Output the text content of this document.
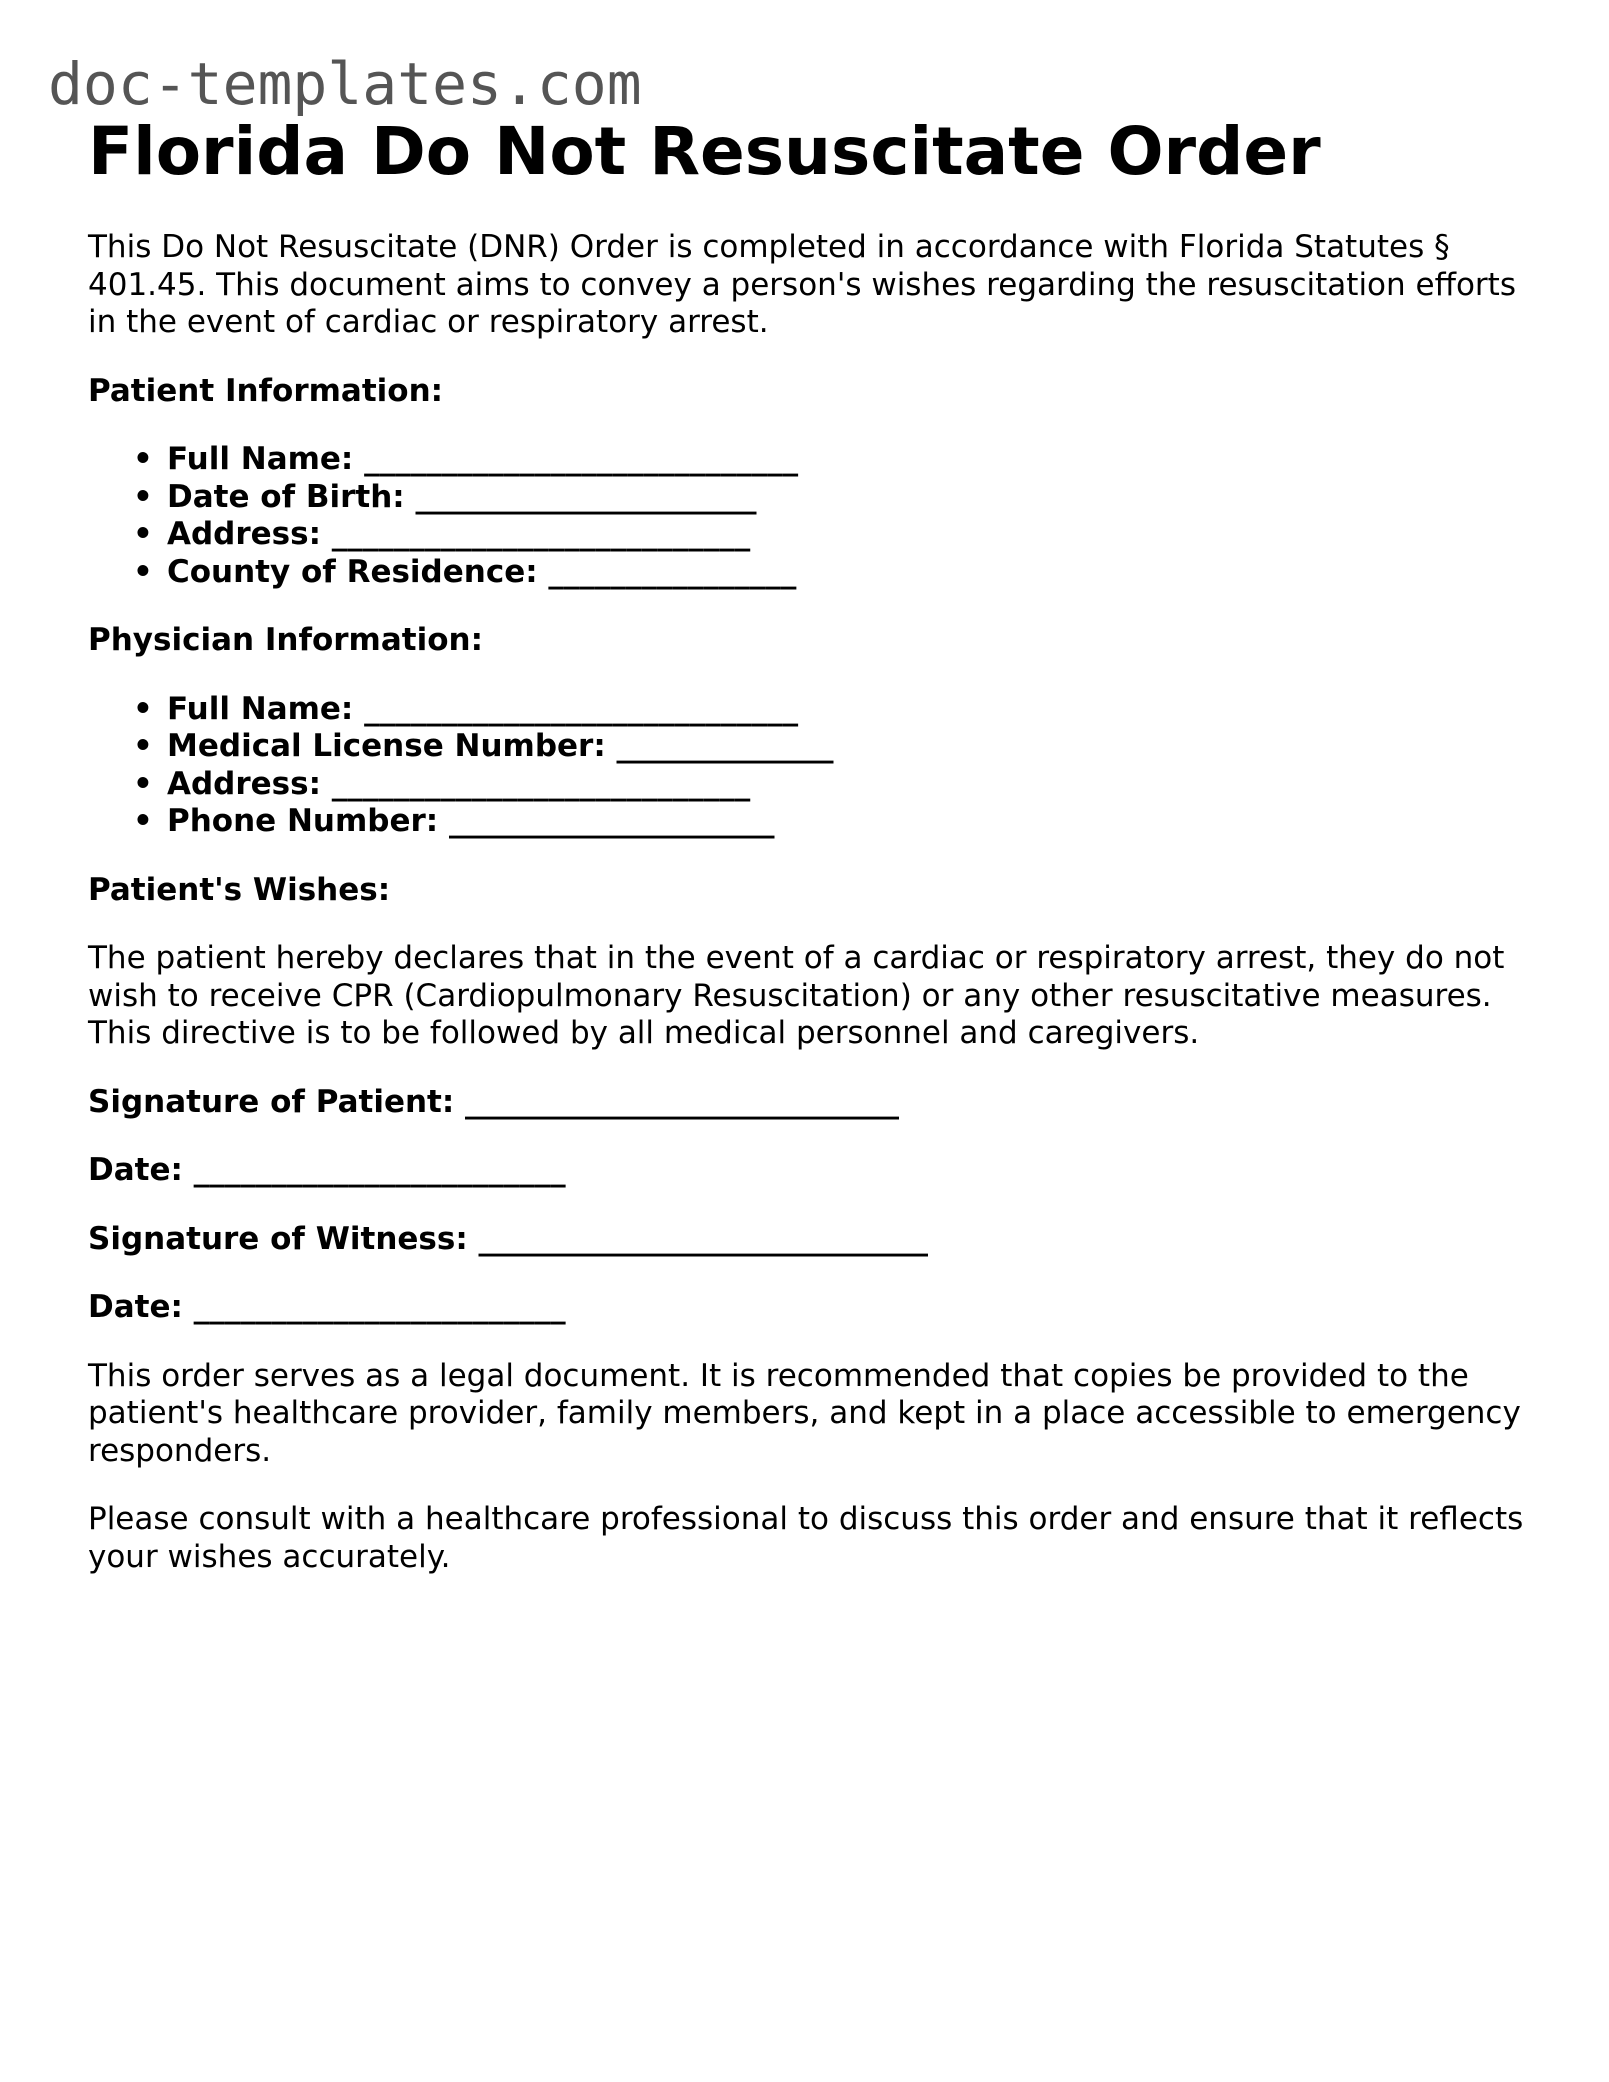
doc-templates.com
Florida Do Not Resuscitate Order

This Do Not Resuscitate (DNR) Order is completed in accordance with Florida Statutes § 401.45. This document aims to convey a person's wishes regarding the resuscitation efforts in the event of cardiac or respiratory arrest.

Patient Information:

• Full Name: ____________________________
• Date of Birth: ______________________
• Address: ___________________________
• County of Residence: ________________

Physician Information:

• Full Name: ____________________________
• Medical License Number: ______________
• Address: ___________________________
• Phone Number: _____________________

Patient's Wishes:

The patient hereby declares that in the event of a cardiac or respiratory arrest, they do not wish to receive CPR (Cardiopulmonary Resuscitation) or any other resuscitative measures. This directive is to be followed by all medical personnel and caregivers.

Signature of Patient: ____________________________

Date: ________________________

Signature of Witness: _____________________________

Date: ________________________

This order serves as a legal document. It is recommended that copies be provided to the patient's healthcare provider, family members, and kept in a place accessible to emergency responders.

Please consult with a healthcare professional to discuss this order and ensure that it reflects your wishes accurately.
